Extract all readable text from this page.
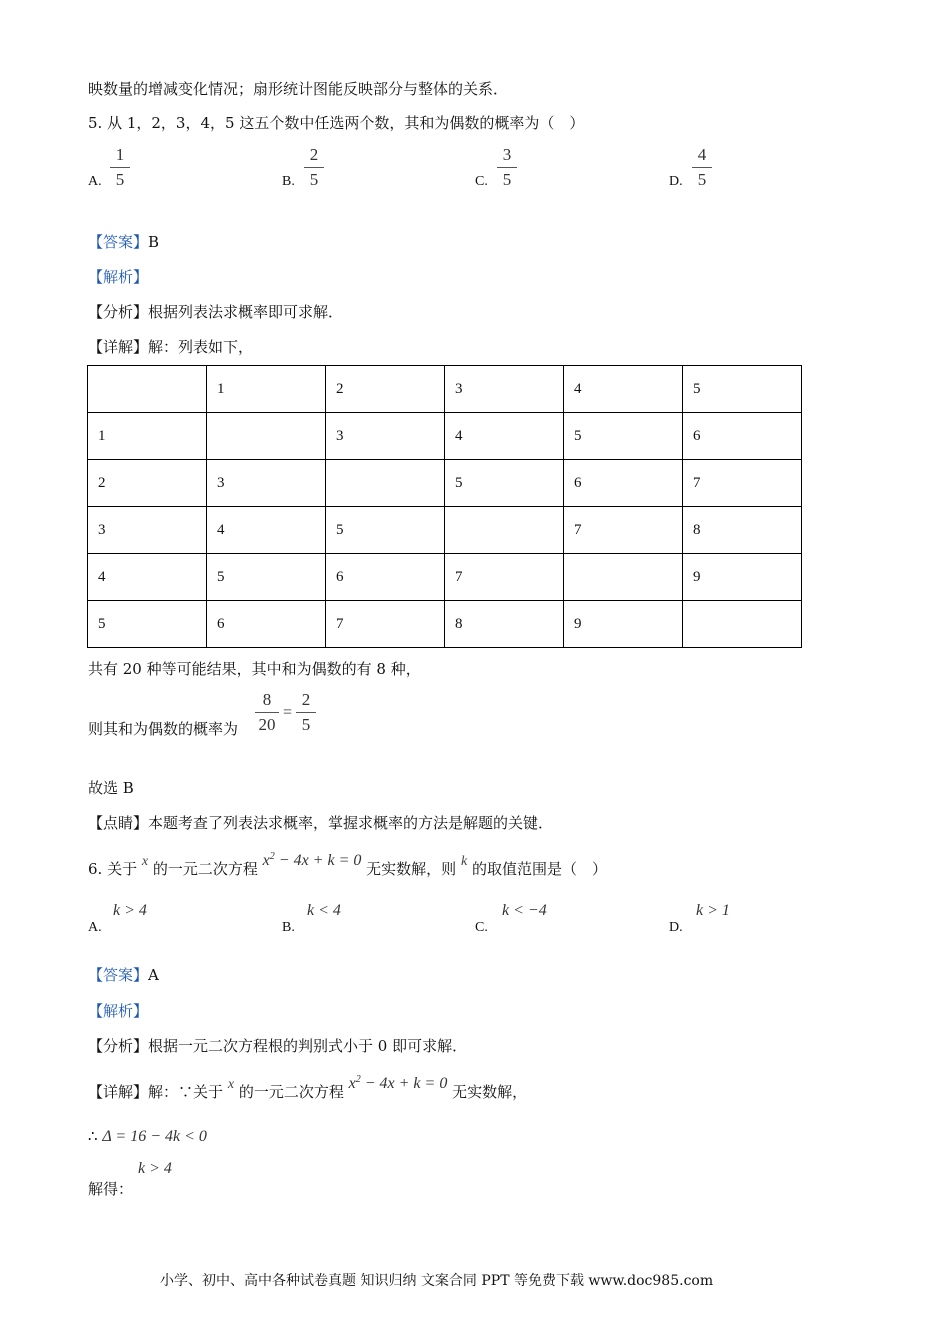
映数量的增减变化情况；扇形统计图能反映部分与整体的关系．
5. 从 1，2，3，4，5 这五个数中任选两个数，其和为偶数的概率为（　）
A.
1
5	B.
2
5	C.
3
5	D.
4
5
【答案】B
【解析】
【分析】根据列表法求概率即可求解．
【详解】解：列表如下，
	1	2	3	4	5
1		3	4	5	6
2	3		5	6	7
3	4	5		7	8
4	5	6	7		9
5	6	7	8	9	
共有 20 种等可能结果，其中和为偶数的有 8 种，
则其和为偶数的概率为
8
20
=
2
5
故选 B
【点睛】本题考查了列表法求概率，掌握求概率的方法是解题的关键．
6. 关于 x 的一元二次方程 $x^2 - 4x + k = 0$ 无实数解，则 k 的取值范围是（　）
A.
k > 4
B.
k < 4
C.
k < −4
D.
k > 1
【答案】A
【解析】
【分析】根据一元二次方程根的判别式小于 0 即可求解．
【详解】解：∵关于 x 的一元二次方程 $x^2 - 4x + k = 0$ 无实数解，
∴ Δ = 16 − 4k < 0
解得：
k > 4
小学、初中、高中各种试卷真题 知识归纳 文案合同 PPT 等免费下载 www.doc985.com
